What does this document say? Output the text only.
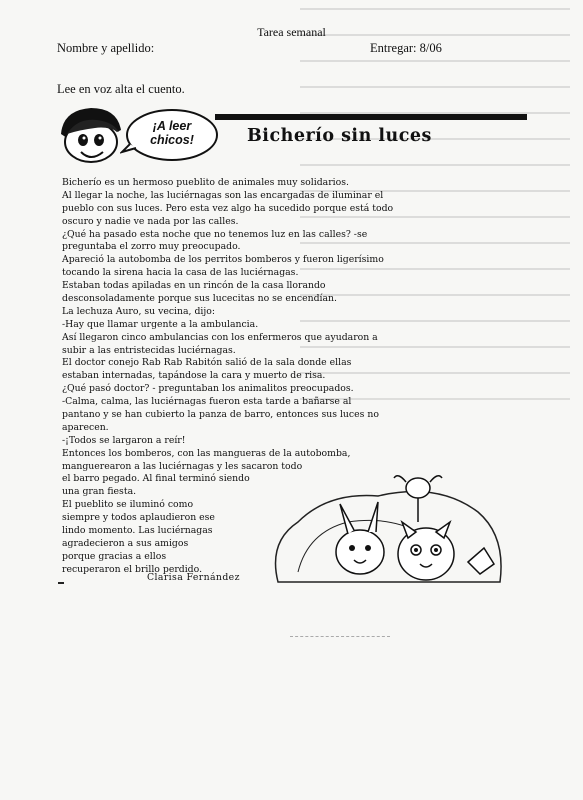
Tarea semanal
Nombre y apellido:	Entregar: 8/06
Lee en voz alta el cuento.
¡A leer
chicos!	Bicherío sin luces
Bicherío es un hermoso pueblito de animales muy solidarios.
Al llegar la noche, las luciérnagas son las encargadas de iluminar el
pueblo con sus luces. Pero esta vez algo ha sucedido porque está todo
oscuro y nadie ve nada por las calles.
¿Qué ha pasado esta noche que no tenemos luz en las calles? -se
preguntaba el zorro muy preocupado.
Apareció la autobomba de los perritos bomberos y fueron ligerísimo
tocando la sirena hacia la casa de las luciérnagas.
Estaban todas apiladas en un rincón de la casa llorando
desconsoladamente porque sus lucecitas no se encendían.
La lechuza Auro, su vecina, dijo:
-Hay que llamar urgente a la ambulancia.
Así llegaron cinco ambulancias con los enfermeros que ayudaron a
subir a las entristecidas luciérnagas.
El doctor conejo Rab Rab Rabitón salió de la sala donde ellas
estaban internadas, tapándose la cara y muerto de risa.
¿Qué pasó doctor? - preguntaban los animalitos preocupados.
-Calma, calma, las luciérnagas fueron esta tarde a bañarse al
pantano y se han cubierto la panza de barro, entonces sus luces no
aparecen.
-¡Todos se largaron a reír!
Entonces los bomberos, con las mangueras de la autobomba,
manguerearon a las luciérnagas y les sacaron todo
el barro pegado. Al final terminó siendo
una gran fiesta.
El pueblito se iluminó como
siempre y todos aplaudieron ese
lindo momento. Las luciérnagas
agradecieron a sus amigos
porque gracias a ellos
recuperaron el brillo perdido.
Clarisa Fernández
